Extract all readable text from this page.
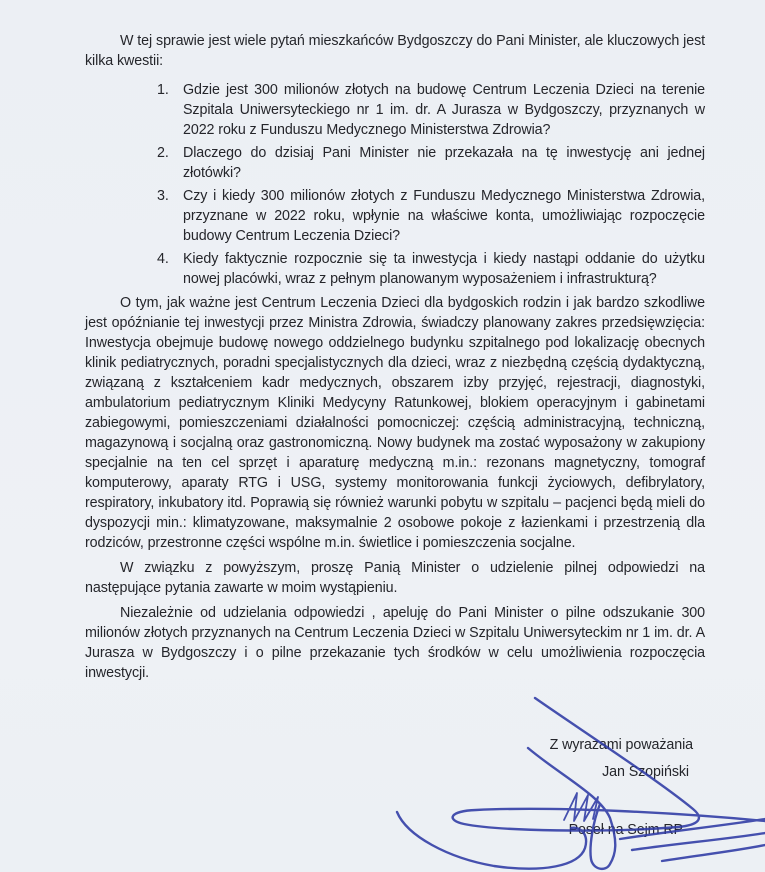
W tej sprawie jest wiele pytań mieszkańców Bydgoszczy do Pani Minister, ale kluczowych jest kilka kwestii:

1. Gdzie jest 300 milionów złotych na budowę Centrum Leczenia Dzieci na terenie Szpitala Uniwersyteckiego nr 1 im. dr. A Jurasza w Bydgoszczy, przyznanych w 2022 roku z Funduszu Medycznego Ministerstwa Zdrowia?
2. Dlaczego do dzisiaj Pani Minister nie przekazała na tę inwestycję ani jednej złotówki?
3. Czy i kiedy 300 milionów złotych z Funduszu Medycznego Ministerstwa Zdrowia, przyznane w 2022 roku, wpłynie na właściwe konta, umożliwiając rozpoczęcie budowy Centrum Leczenia Dzieci?
4. Kiedy faktycznie rozpocznie się ta inwestycja i kiedy nastąpi oddanie do użytku nowej placówki, wraz z pełnym planowanym wyposażeniem i infrastrukturą?

O tym, jak ważne jest Centrum Leczenia Dzieci dla bydgoskich rodzin i jak bardzo szkodliwe jest opóźnianie tej inwestycji przez Ministra Zdrowia, świadczy planowany zakres przedsięwzięcia: Inwestycja obejmuje budowę nowego oddzielnego budynku szpitalnego pod lokalizację obecnych klinik pediatrycznych, poradni specjalistycznych dla dzieci, wraz z niezbędną częścią dydaktyczną, związaną z kształceniem kadr medycznych, obszarem izby przyjęć, rejestracji, diagnostyki, ambulatorium pediatrycznym Kliniki Medycyny Ratunkowej, blokiem operacyjnym i gabinetami zabiegowymi, pomieszczeniami działalności pomocniczej: częścią administracyjną, techniczną, magazynową i socjalną oraz gastronomiczną. Nowy budynek ma zostać wyposażony w zakupiony specjalnie na ten cel sprzęt i aparaturę medyczną m.in.: rezonans magnetyczny, tomograf komputerowy, aparaty RTG i USG, systemy monitorowania funkcji życiowych, defibrylatory, respiratory, inkubatory itd. Poprawią się również warunki pobytu w szpitalu – pacjenci będą mieli do dyspozycji min.: klimatyzowane, maksymalnie 2 osobowe pokoje z łazienkami i przestrzenią dla rodziców, przestronne części wspólne m.in. świetlice i pomieszczenia socjalne.

W związku z powyższym, proszę Panią Minister o udzielenie pilnej odpowiedzi na następujące pytania zawarte w moim wystąpieniu.

Niezależnie od udzielania odpowiedzi , apeluję do Pani Minister o pilne odszukanie 300 milionów złotych przyznanych na Centrum Leczenia Dzieci w Szpitalu Uniwersyteckim nr 1 im. dr. A Jurasza w Bydgoszczy i o pilne przekazanie tych środków w celu umożliwienia rozpoczęcia inwestycji.

Z wyrazami poważania

Jan Szopiński

Poseł na Sejm RP
